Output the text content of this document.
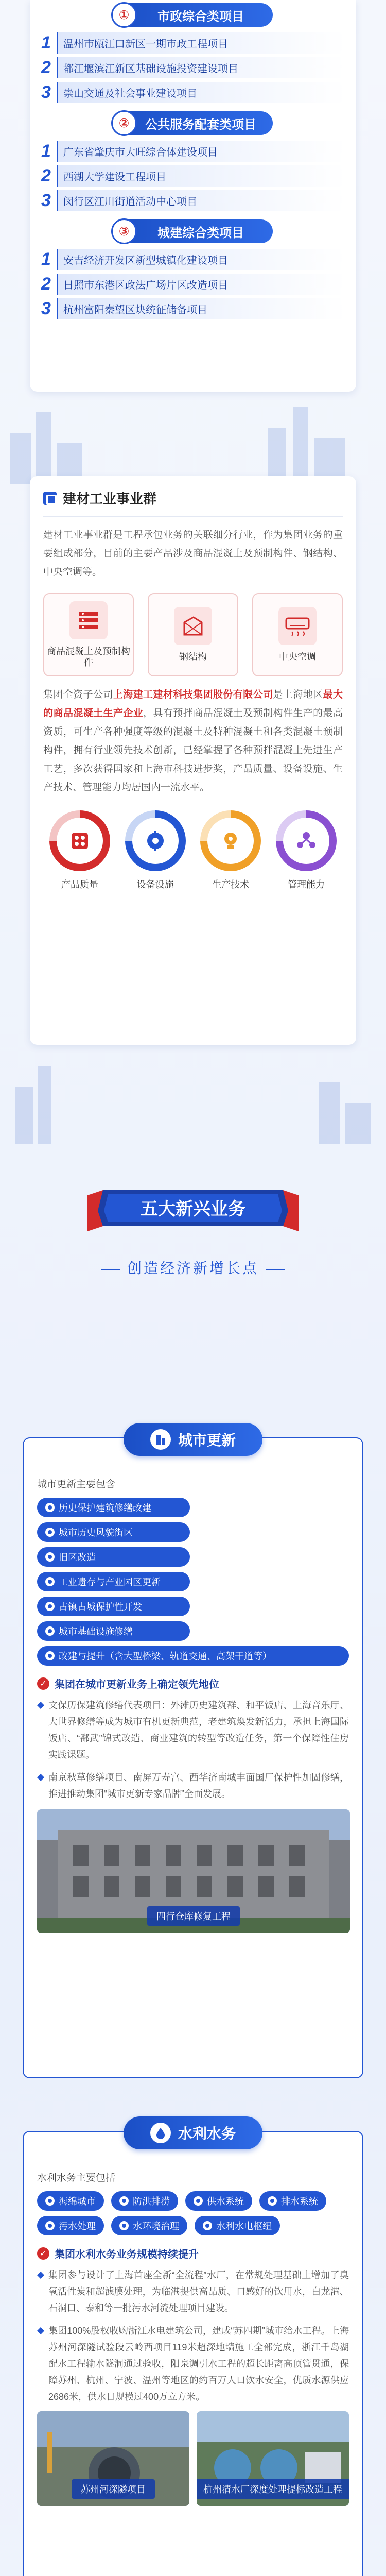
①	市政综合类项目
1	温州市瓯江口新区一期市政工程项目
2	都江堰滨江新区基础设施投资建设项目
3	崇山交通及社会事业建设项目
②	公共服务配套类项目
1	广东省肇庆市大旺综合体建设项目
2	西湖大学建设工程项目
3	闵行区江川街道活动中心项目
③	城建综合类项目
1	安吉经济开发区新型城镇化建设项目
2	日照市东港区政法广场片区改造项目
3	杭州富阳秦望区块统征储备项目
建材工业事业群

建材工业事业群是工程承包业务的关联细分行业，作为集团业务的重要组成部分，目前的主要产品涉及商品混凝土及预制构件、钢结构、中央空调等。

商品混凝土及预制构件
钢结构	中央空调

集团全资子公司上海建工建材科技集团股份有限公司是上海地区最大的商品混凝土生产企业，具有预拌商品混凝土及预制构件生产的最高资质，可生产各种强度等级的混凝土及特种混凝土和各类混凝土预制构件，拥有行业领先技术创新，已经掌握了各种预拌混凝土先进生产工艺，多次获得国家和上海市科技进步奖，产品质量、设备设施、生产技术、管理能力均居国内一流水平。

产品质量	设备设施	生产技术	管理能力
五大新兴业务
创造经济新增长点
城市更新
城市更新主要包含
历史保护建筑修缮改建
城市历史风貌街区
旧区改造
工业遗存与产业园区更新
古镇古城保护性开发
城市基础设施修缮
改建与提升（含大型桥梁、轨道交通、高架干道等）
✓ 集团在城市更新业务上确定领先地位

文保历保建筑修缮代表项目：外滩历史建筑群、和平饭店、上海音乐厅、大世界修缮等成为城市有机更新典范，老建筑焕发新活力，承担上海国际饭店、“鄱武”锦式改造、商业建筑的转型等改造任务，第一个保障性住房实践课题。

南京秋草修缮项目、南屏万寿宫、西华济南城丰面国厂保护性加固修缮，推进推动集团“城市更新专家品牌”全面发展。

四行仓库修复工程
水利水务
水利水务主要包括
海绵城市	防洪排涝	供水系统	排水系统
污水处理	水环境治理	水利水电枢纽
✓ 集团水利水务业务规模持续提升

集团参与设计了上海首座全新“全流程”水厂，在常规处理基础上增加了臭氧活性炭和超滤膜处理，为临港提供高品质、口感好的饮用水，白龙港、石洞口、泰和等一批污水河流处理项目建设。

集团100%股权收购浙江水电建筑公司，建成“苏四期”城市给水工程。上海苏州河深隧试验段云岭西项目119米超深地墙施工全部完成，浙江千岛湖配水工程输水隧洞通过验收，阳泉调引水工程的超长距离高顶管贯通，保障苏州、杭州、宁波、温州等地区的约百万人口饮水安全，优质水源供应2686米，供水日规模过400万立方米。

苏州河深隧项目	杭州清水厂深度处理提标改造工程
